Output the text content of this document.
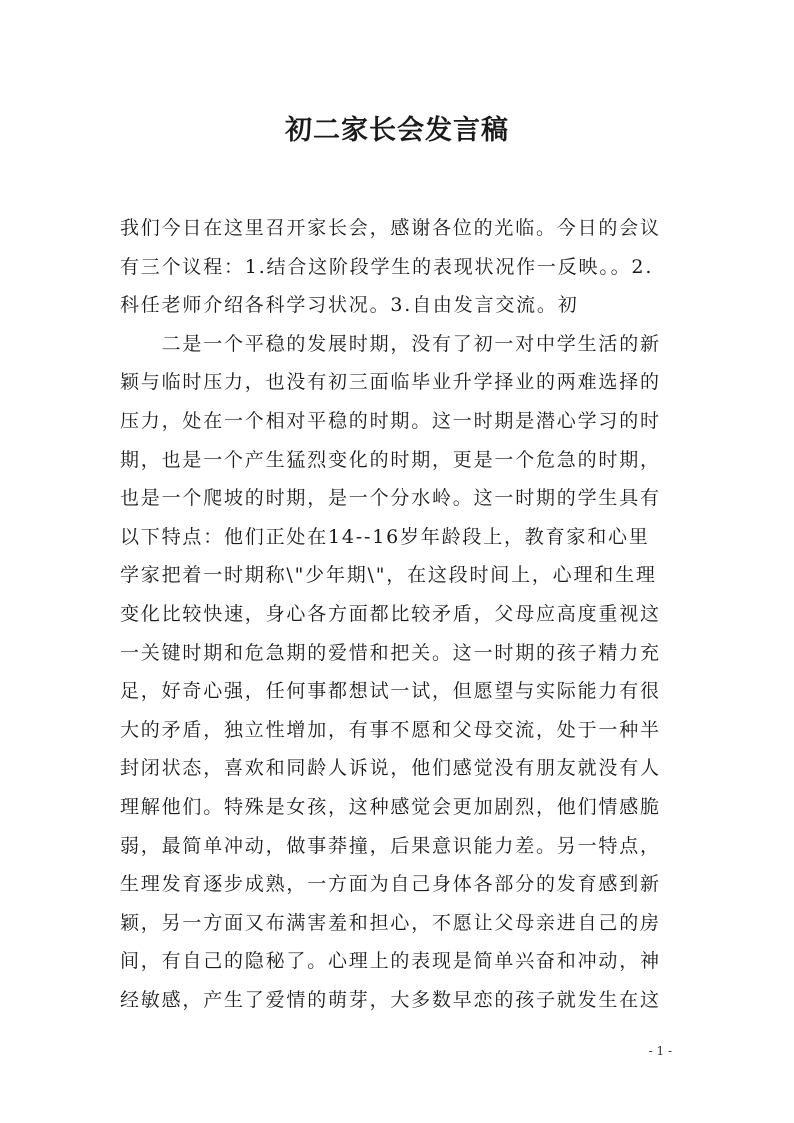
初二家长会发言稿
我们今日在这里召开家长会，感谢各位的光临。今日的会议
有三个议程：1.结合这阶段学生的表现状况作一反映。。2.
科任老师介绍各科学习状况。3.自由发言交流。初
　　二是一个平稳的发展时期，没有了初一对中学生活的新
颖与临时压力，也没有初三面临毕业升学择业的两难选择的
压力，处在一个相对平稳的时期。这一时期是潜心学习的时
期，也是一个产生猛烈变化的时期，更是一个危急的时期，
也是一个爬坡的时期，是一个分水岭。这一时期的学生具有
以下特点：他们正处在14--16岁年龄段上，教育家和心里
学家把着一时期称\"少年期\"，在这段时间上，心理和生理
变化比较快速，身心各方面都比较矛盾，父母应高度重视这
一关键时期和危急期的爱惜和把关。这一时期的孩子精力充
足，好奇心强，任何事都想试一试，但愿望与实际能力有很
大的矛盾，独立性增加，有事不愿和父母交流，处于一种半
封闭状态，喜欢和同龄人诉说，他们感觉没有朋友就没有人
理解他们。特殊是女孩，这种感觉会更加剧烈，他们情感脆
弱，最简单冲动，做事莽撞，后果意识能力差。另一特点，
生理发育逐步成熟，一方面为自己身体各部分的发育感到新
颖，另一方面又布满害羞和担心，不愿让父母亲进自己的房
间，有自己的隐秘了。心理上的表现是简单兴奋和冲动，神
经敏感，产生了爱情的萌芽，大多数早恋的孩子就发生在这
- 1 -
